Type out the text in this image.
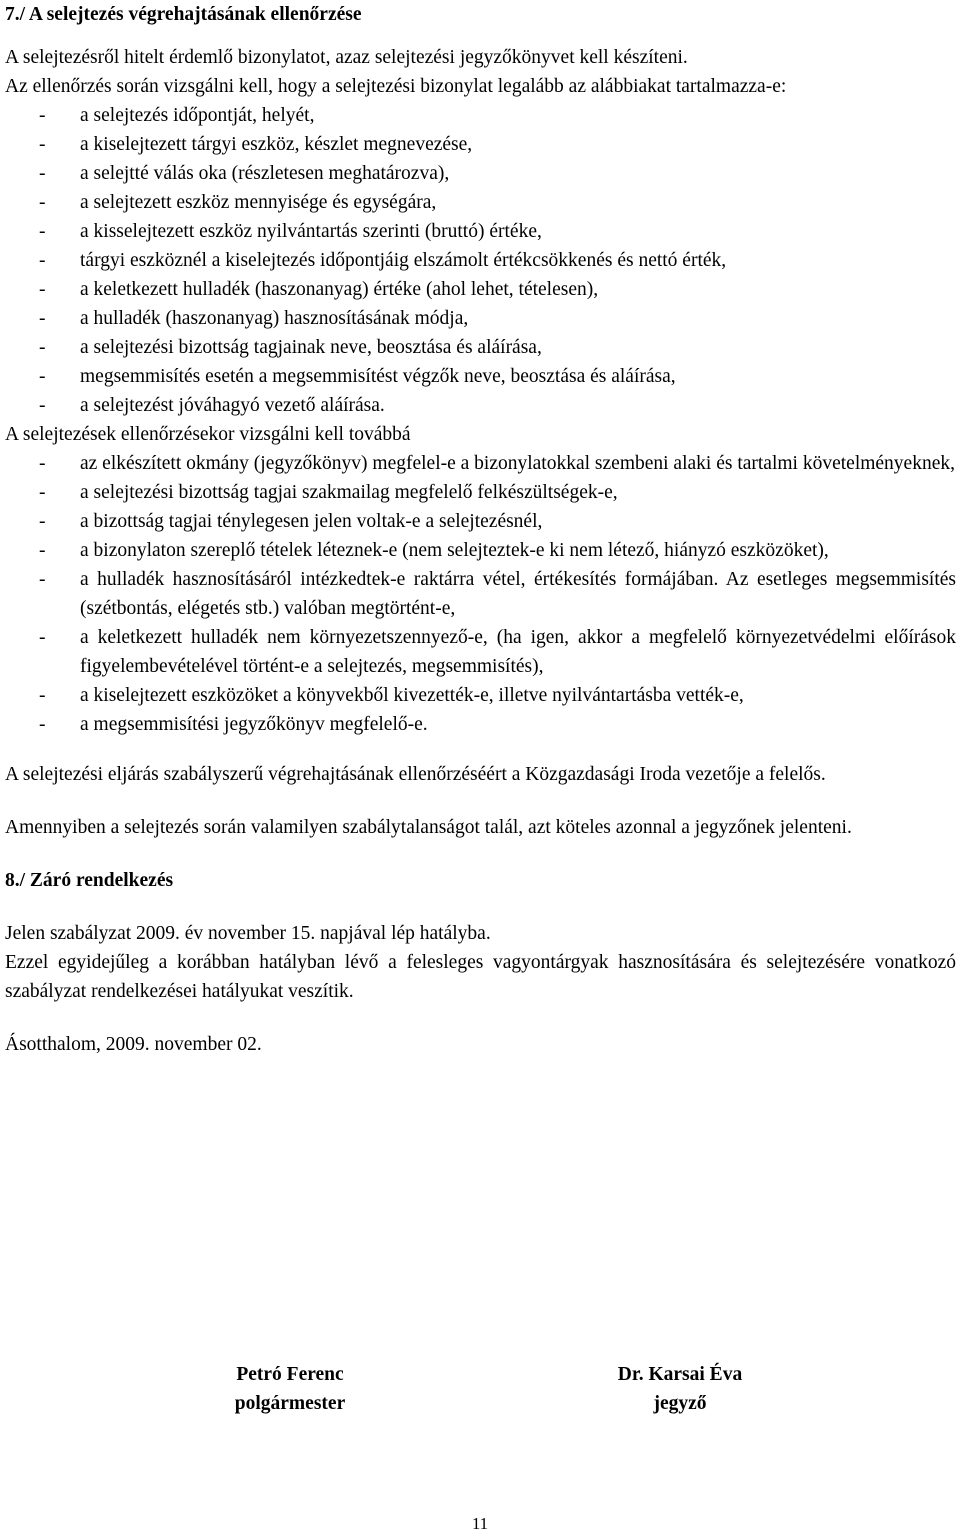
7./ A selejtezés végrehajtásának ellenőrzése

A selejtezésről hitelt érdemlő bizonylatot, azaz selejtezési jegyzőkönyvet kell készíteni.

Az ellenőrzés során vizsgálni kell, hogy a selejtezési bizonylat legalább az alábbiakat tartalmazza-e:

- a selejtezés időpontját, helyét,
- a kiselejtezett tárgyi eszköz, készlet megnevezése,
- a selejtté válás oka (részletesen meghatározva),
- a selejtezett eszköz mennyisége és egységára,
- a kisselejtezett eszköz nyilvántartás szerinti (bruttó) értéke,
- tárgyi eszköznél a kiselejtezés időpontjáig elszámolt értékcsökkenés és nettó érték,
- a keletkezett hulladék (haszonanyag) értéke (ahol lehet, tételesen),
- a hulladék (haszonanyag) hasznosításának módja,
- a selejtezési bizottság tagjainak neve, beosztása és aláírása,
- megsemmisítés esetén a megsemmisítést végzők neve, beosztása és aláírása,
- a selejtezést jóváhagyó vezető aláírása.

A selejtezések ellenőrzésekor vizsgálni kell továbbá

- az elkészített okmány (jegyzőkönyv) megfelel-e a bizonylatokkal szembeni alaki és tartalmi követelményeknek,
- a selejtezési bizottság tagjai szakmailag megfelelő felkészültségek-e,
- a bizottság tagjai ténylegesen jelen voltak-e a selejtezésnél,
- a bizonylaton szereplő tételek léteznek-e (nem selejteztek-e ki nem létező, hiányzó eszközöket),
- a hulladék hasznosításáról intézkedtek-e raktárra vétel, értékesítés formájában. Az esetleges megsemmisítés (szétbontás, elégetés stb.) valóban megtörtént-e,
- a keletkezett hulladék nem környezetszennyező-e, (ha igen, akkor a megfelelő környezetvédelmi előírások figyelembevételével történt-e a selejtezés, megsemmisítés),
- a kiselejtezett eszközöket a könyvekből kivezették-e, illetve nyilvántartásba vették-e,
- a megsemmisítési jegyzőkönyv megfelelő-e.

A selejtezési eljárás szabályszerű végrehajtásának ellenőrzéséért a Közgazdasági Iroda vezetője a felelős.

Amennyiben a selejtezés során valamilyen szabálytalanságot talál, azt köteles azonnal a jegyzőnek jelenteni.

8./ Záró rendelkezés

Jelen szabályzat 2009. év november 15. napjával lép hatályba.

Ezzel egyidejűleg a korábban hatályban lévő a felesleges vagyontárgyak hasznosítására és selejtezésére vonatkozó szabályzat rendelkezései hatályukat veszítik.

Ásotthalom, 2009. november 02.

Petró Ferenc
polgármester
Dr. Karsai Éva
jegyző
11
